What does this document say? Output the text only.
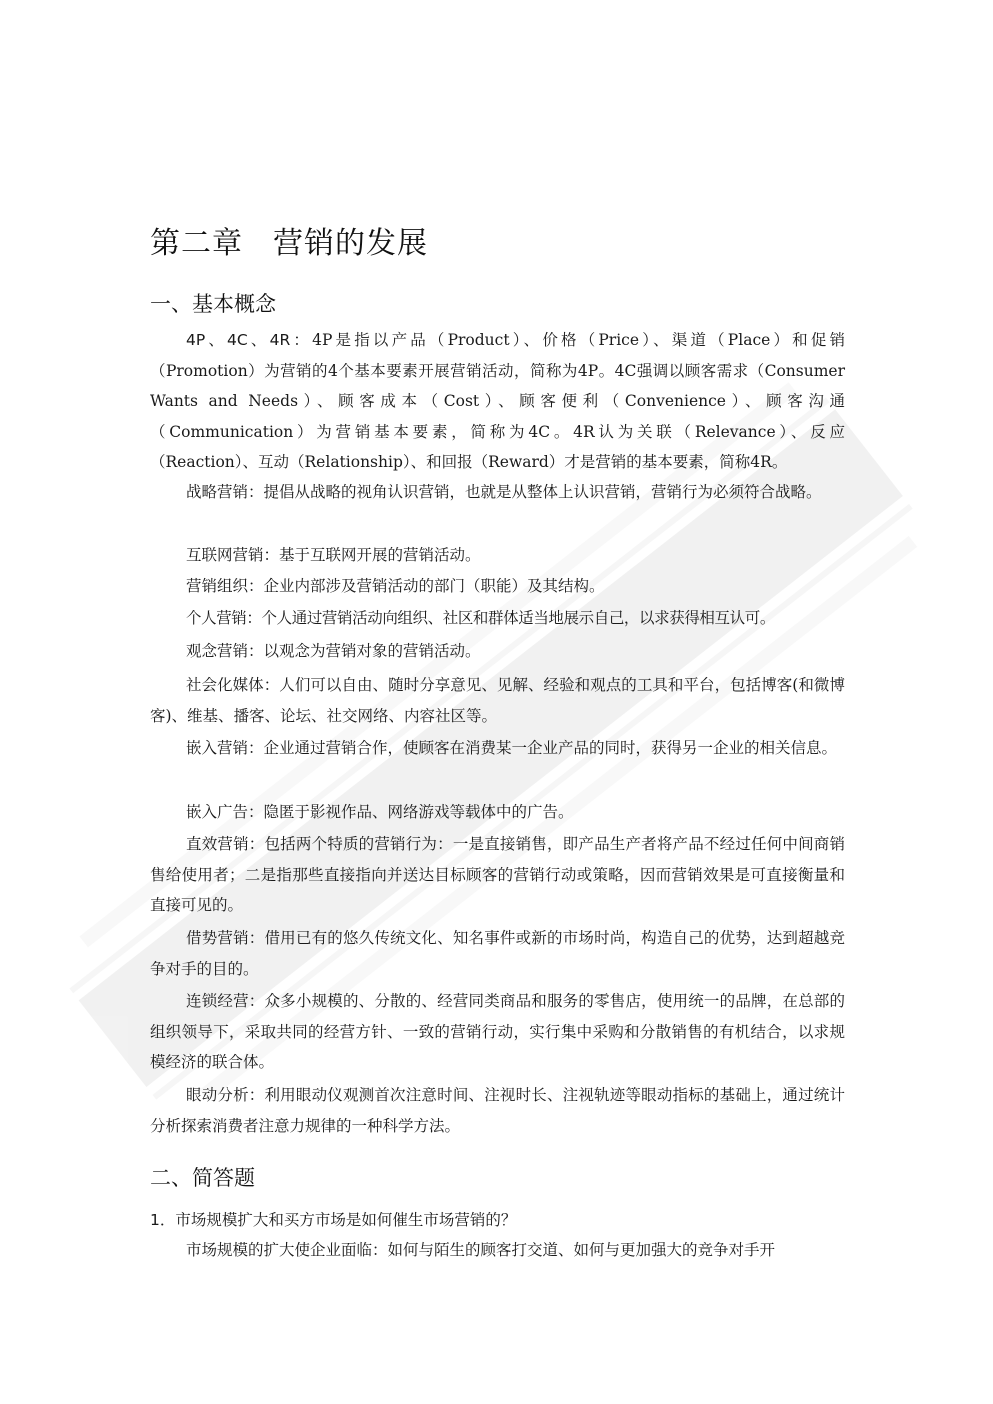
第二章 营销的发展
一、基本概念

4P、4C、4R：4P是指以产品（Product）、价格（Price）、渠道（Place）和促销（Promotion）为营销的4个基本要素开展营销活动，简称为4P。4C强调以顾客需求（Consumer Wants and Needs）、顾客成本（Cost）、顾客便利（Convenience）、顾客沟通（Communication）为营销基本要素，简称为4C。4R认为关联（Relevance）、反应（Reaction）、互动（Relationship）、和回报（Reward）才是营销的基本要素，简称4R。

战略营销：提倡从战略的视角认识营销，也就是从整体上认识营销，营销行为必须符合战略。

互联网营销：基于互联网开展的营销活动。

营销组织：企业内部涉及营销活动的部门（职能）及其结构。

个人营销：个人通过营销活动向组织、社区和群体适当地展示自己，以求获得相互认可。

观念营销：以观念为营销对象的营销活动。

社会化媒体：人们可以自由、随时分享意见、见解、经验和观点的工具和平台，包括博客(和微博客)、维基、播客、论坛、社交网络、内容社区等。

嵌入营销：企业通过营销合作，使顾客在消费某一企业产品的同时，获得另一企业的相关信息。

嵌入广告：隐匿于影视作品、网络游戏等载体中的广告。

直效营销：包括两个特质的营销行为：一是直接销售，即产品生产者将产品不经过任何中间商销售给使用者；二是指那些直接指向并送达目标顾客的营销行动或策略，因而营销效果是可直接衡量和直接可见的。

借势营销：借用已有的悠久传统文化、知名事件或新的市场时尚，构造自己的优势，达到超越竞争对手的目的。

连锁经营：众多小规模的、分散的、经营同类商品和服务的零售店，使用统一的品牌，在总部的组织领导下，采取共同的经营方针、一致的营销行动，实行集中采购和分散销售的有机结合，以求规模经济的联合体。

眼动分析：利用眼动仪观测首次注意时间、注视时长、注视轨迹等眼动指标的基础上，通过统计分析探索消费者注意力规律的一种科学方法。

二、简答题
1．市场规模扩大和买方市场是如何催生市场营销的？

市场规模的扩大使企业面临：如何与陌生的顾客打交道、如何与更加强大的竞争对手开
